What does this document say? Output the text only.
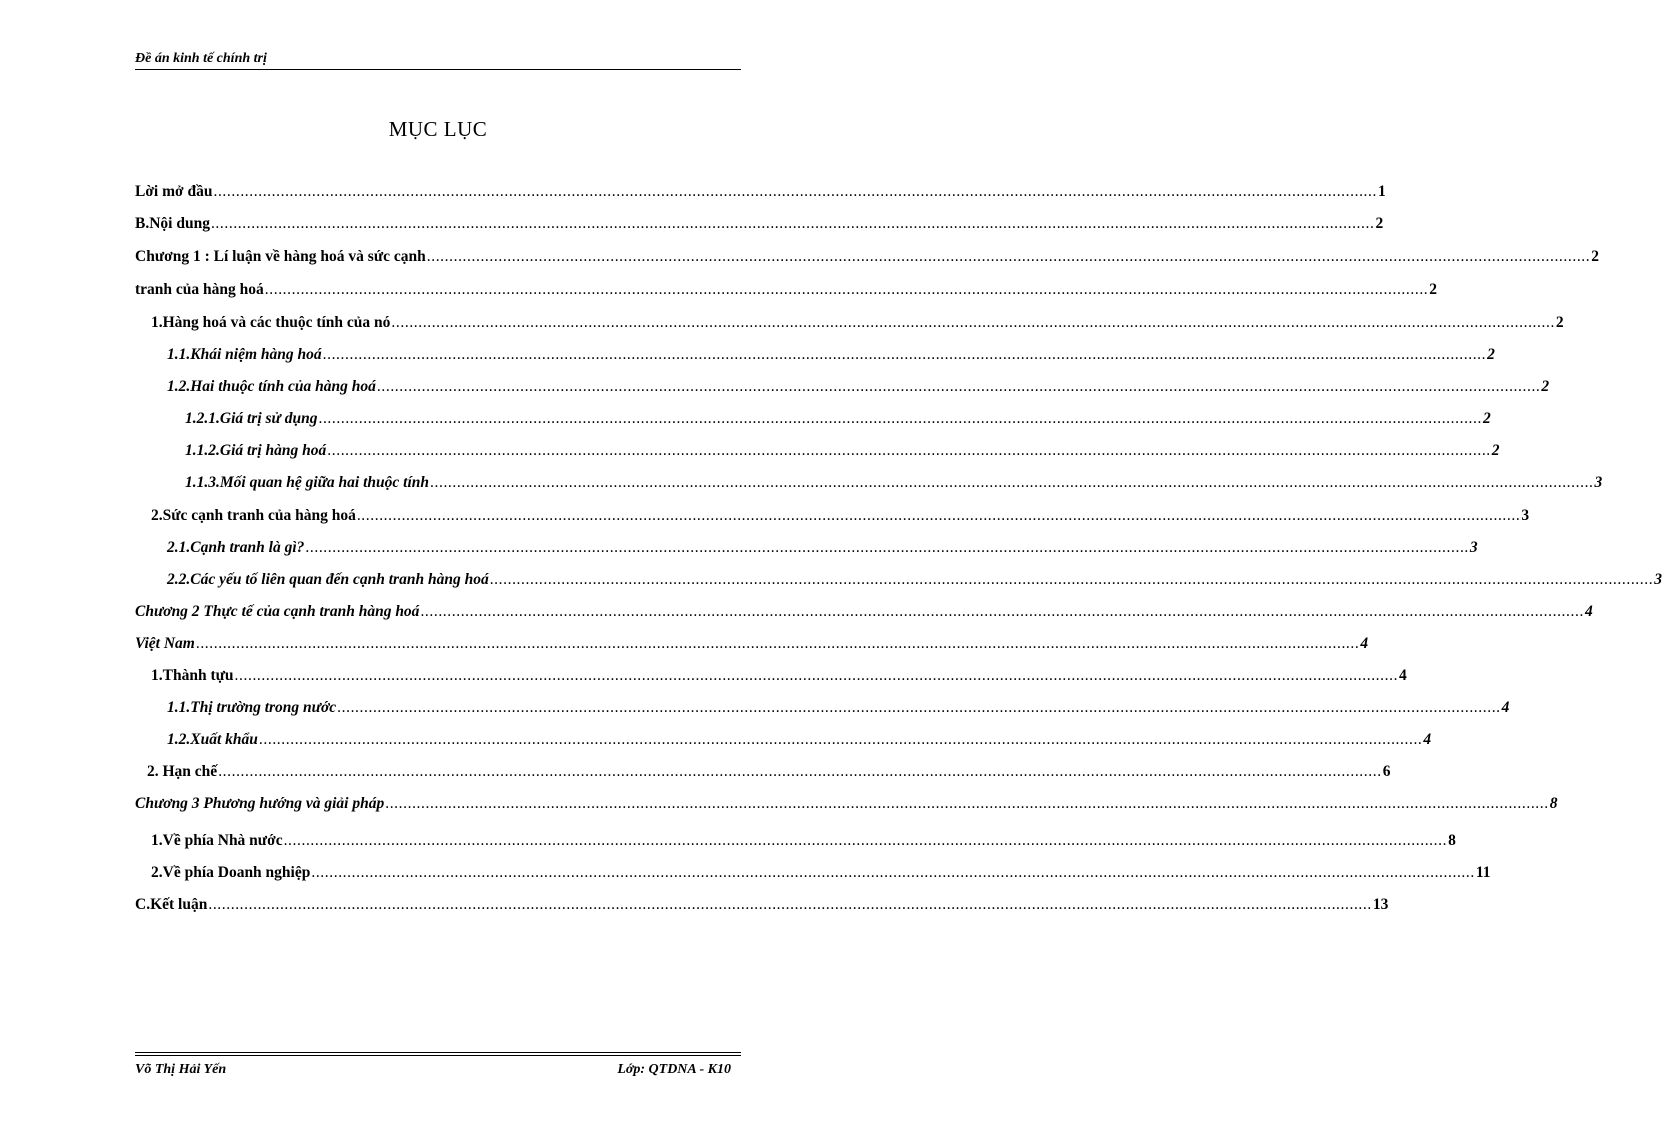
Đề án kinh tế chính trị
MỤC LỤC
Lời mở đầu .................................................................................................................................................................................................................................................................... 1
B.Nội dung .................................................................................................................................................................................................................................................................... 2
Chương 1 : Lí luận về hàng hoá và sức cạnh .................................................................................................................................................................................................................................................................... 2
tranh của hàng hoá .................................................................................................................................................................................................................................................................... 2
1.Hàng hoá và các thuộc tính của nó .................................................................................................................................................................................................................................................................... 2
1.1.Khái niệm hàng hoá .................................................................................................................................................................................................................................................................... 2
1.2.Hai thuộc tính của hàng hoá .................................................................................................................................................................................................................................................................... 2
1.2.1.Giá trị sử dụng .................................................................................................................................................................................................................................................................... 2
1.1.2.Giá trị hàng hoá .................................................................................................................................................................................................................................................................... 2
1.1.3.Mối quan hệ giữa hai thuộc tính .................................................................................................................................................................................................................................................................... 3
2.Sức cạnh tranh của hàng hoá .................................................................................................................................................................................................................................................................... 3
2.1.Cạnh tranh là gì? .................................................................................................................................................................................................................................................................... 3
2.2.Các yếu tố liên quan đến cạnh tranh hàng hoá .................................................................................................................................................................................................................................................................... 3
Chương 2 Thực tế của cạnh tranh hàng hoá .................................................................................................................................................................................................................................................................... 4
Việt Nam .................................................................................................................................................................................................................................................................... 4
1.Thành tựu .................................................................................................................................................................................................................................................................... 4
1.1.Thị trường trong nước .................................................................................................................................................................................................................................................................... 4
1.2.Xuất khẩu .................................................................................................................................................................................................................................................................... 4
2. Hạn chế .................................................................................................................................................................................................................................................................... 6
Chương 3 Phương hướng và giải pháp .................................................................................................................................................................................................................................................................... 8
1.Về phía Nhà nước .................................................................................................................................................................................................................................................................... 8
2.Về phía Doanh nghiệp .................................................................................................................................................................................................................................................................... 11
C.Kết luận .................................................................................................................................................................................................................................................................... 13
Võ Thị Hải Yến	Lớp: QTDNA - K10
